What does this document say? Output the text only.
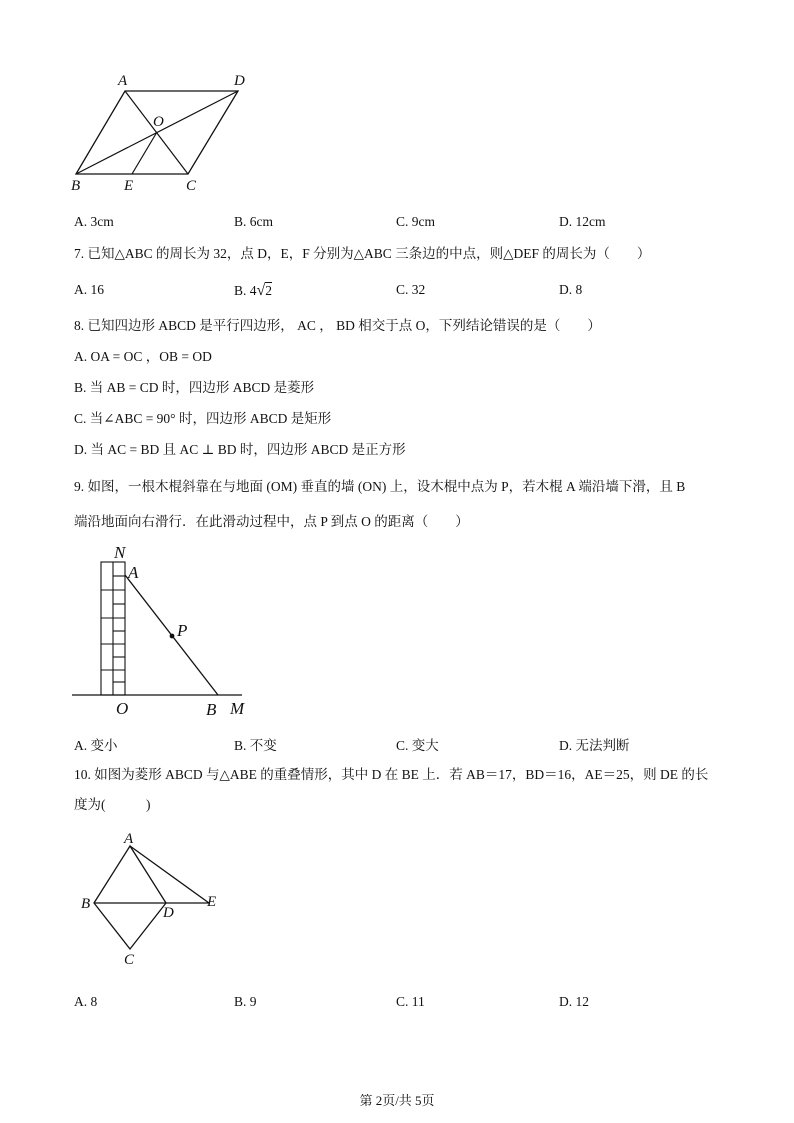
A	D
O
B	E	C
A. 3cm	B. 6cm	C. 9cm	D. 12cm
7. 已知△ABC 的周长为 32，点 D，E，F 分别为△ABC 三条边的中点，则△DEF 的周长为（　　）
A. 16	B. 4√2	C. 32	D. 8
8. 已知四边形 ABCD 是平行四边形， AC ， BD 相交于点 O，下列结论错误的是（　　）
A. OA = OC ，OB = OD
B. 当 AB = CD 时，四边形 ABCD 是菱形
C. 当∠ABC = 90° 时，四边形 ABCD 是矩形
D. 当 AC = BD 且 AC ⊥ BD 时，四边形 ABCD 是正方形
9. 如图，一根木棍斜靠在与地面 (OM) 垂直的墙 (ON) 上，设木棍中点为 P，若木棍 A 端沿墙下滑，且 B
端沿地面向右滑行．在此滑动过程中，点 P 到点 O 的距离（　　）
N
A
P
O	B M
A. 变小	B. 不变	C. 变大	D. 无法判断
10. 如图为菱形 ABCD 与△ABE 的重叠情形，其中 D 在 BE 上．若 AB＝17，BD＝16，AE＝25，则 DE 的长
度为(　　　)
A
B
D
E
C
A. 8	B. 9	C. 11	D. 12
第 2页/共 5页
